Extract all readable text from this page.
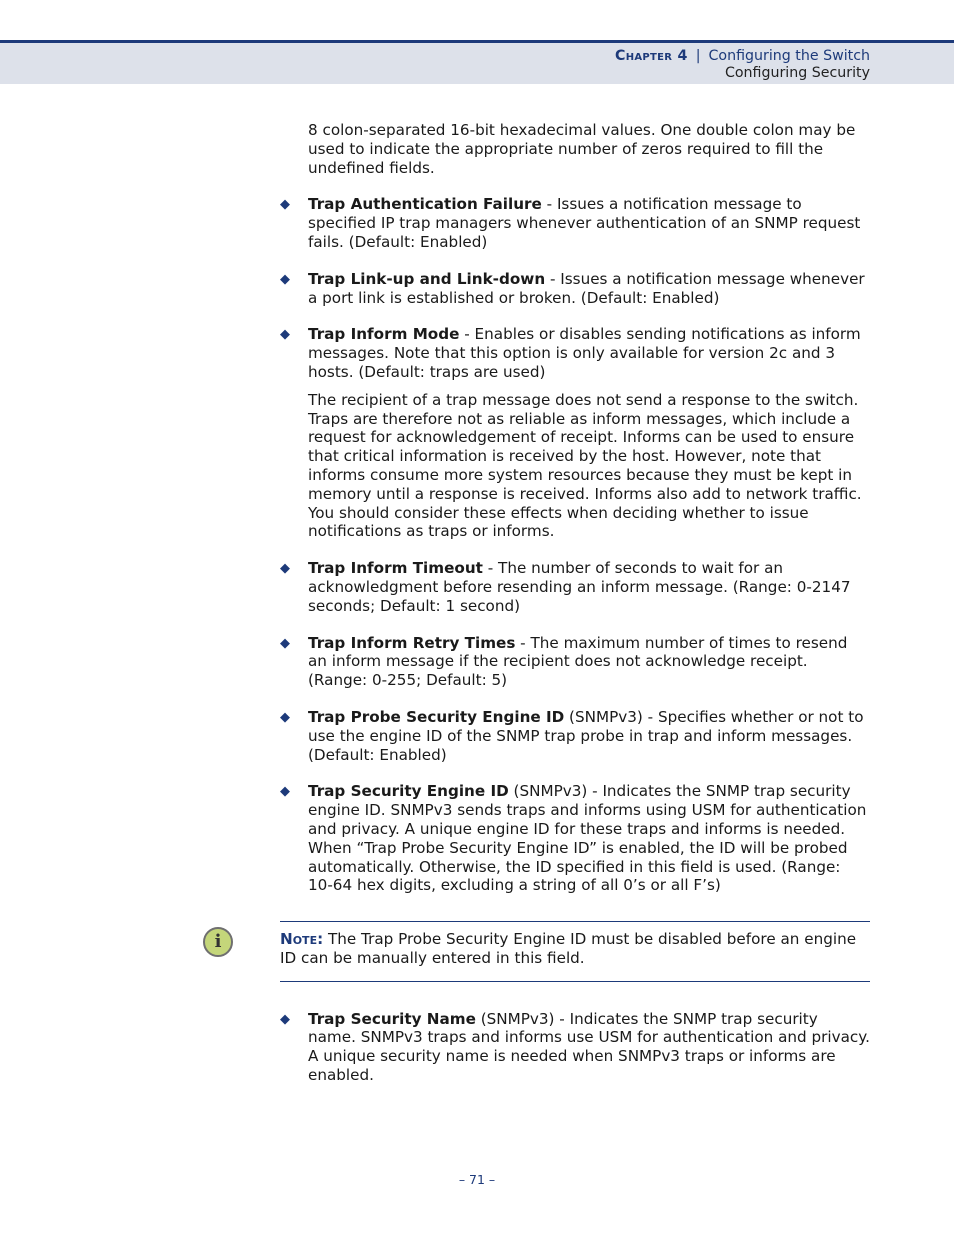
Chapter 4 | Configuring the Switch
Configuring Security

8 colon-separated 16-bit hexadecimal values. One double colon may be used to indicate the appropriate number of zeros required to fill the undefined fields.

◆ Trap Authentication Failure - Issues a notification message to specified IP trap managers whenever authentication of an SNMP request fails. (Default: Enabled)
◆ Trap Link-up and Link-down - Issues a notification message whenever a port link is established or broken. (Default: Enabled)
◆ Trap Inform Mode - Enables or disables sending notifications as inform messages. Note that this option is only available for version 2c and 3 hosts. (Default: traps are used)

The recipient of a trap message does not send a response to the switch. Traps are therefore not as reliable as inform messages, which include a request for acknowledgement of receipt. Informs can be used to ensure that critical information is received by the host. However, note that informs consume more system resources because they must be kept in memory until a response is received. Informs also add to network traffic. You should consider these effects when deciding whether to issue notifications as traps or informs.

◆ Trap Inform Timeout - The number of seconds to wait for an acknowledgment before resending an inform message. (Range: 0-2147 seconds; Default: 1 second)
◆ Trap Inform Retry Times - The maximum number of times to resend an inform message if the recipient does not acknowledge receipt. (Range: 0-255; Default: 5)
◆ Trap Probe Security Engine ID (SNMPv3) - Specifies whether or not to use the engine ID of the SNMP trap probe in trap and inform messages. (Default: Enabled)
◆ Trap Security Engine ID (SNMPv3) - Indicates the SNMP trap security engine ID. SNMPv3 sends traps and informs using USM for authentication and privacy. A unique engine ID for these traps and informs is needed. When “Trap Probe Security Engine ID” is enabled, the ID will be probed automatically. Otherwise, the ID specified in this field is used. (Range: 10-64 hex digits, excluding a string of all 0’s or all F’s)
i	Note: The Trap Probe Security Engine ID must be disabled before an engine ID can be manually entered in this field.
◆ Trap Security Name (SNMPv3) - Indicates the SNMP trap security name. SNMPv3 traps and informs use USM for authentication and privacy. A unique security name is needed when SNMPv3 traps or informs are enabled.
– 71 –
